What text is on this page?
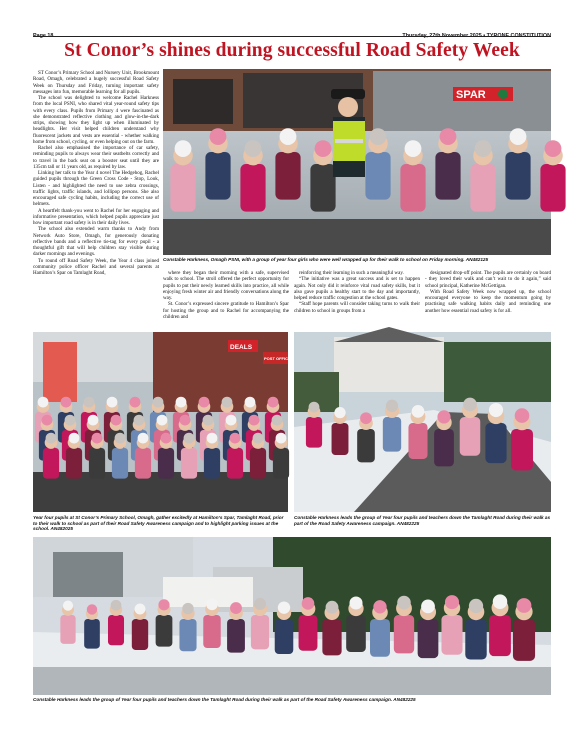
Page 18	Thursday, 27th November 2025 • TYRONE CONSTITUTION
St Conor’s shines during successful Road Safety Week

ST Conor’s Primary School and Nursery Unit, Brookmount Road, Omagh, celebrated a hugely successful Road Safety Week on Thursday and Friday, turning important safety messages into fun, memorable learning for all pupils.

The school was delighted to welcome Rachel Harkness from the local PSNI, who shared vital year-round safety tips with every class. Pupils from Primary 4 were fascinated as she demonstrated reflective clothing and glow-in-the-dark strips, showing how they light up when illuminated by headlights. Her visit helped children understand why fluorescent jackets and vests are essential - whether walking home from school, cycling, or even helping out on the farm.

Rachel also emphasised the importance of car safety, reminding pupils to always wear their seatbelts correctly and to travel in the back seat on a booster seat until they are 135cm tall or 11 years old, as required by law.

Linking her talk to the Year 4 novel The Hedgehog, Rachel guided pupils through the Green Cross Code - Stop, Look, Listen - and highlighted the need to use zebra crossings, traffic lights, traffic islands, and lollipop persons. She also encouraged safe cycling habits, including the correct use of helmets.

A heartfelt thank-you went to Rachel for her engaging and informative presentation, which helped pupils appreciate just how important road safety is in their daily lives.

The school also extended warm thanks to Andy from Network Auto Store, Omagh, for generously donating reflective bands and a reflective tie-tag for every pupil - a thoughtful gift that will help children stay visible during darker mornings and evenings.

To round off Road Safety Week, the Year 4 class joined community police officer Rachel and several parents at Hamilton’s Spar on Tamlaght Road,

SPAR
Constable Harkness, Omagh PSNI, with a group of year four girls who were well wrapped up for their walk to school on Friday morning. AN482125

where they began their morning with a safe, supervised walk to school. The stroll offered the perfect opportunity for pupils to put their newly learned skills into practice, all while enjoying fresh winter air and friendly conversations along the way.

St. Conor’s expressed sincere gratitude to Hamilton’s Spar for hosting the group and to Rachel for accompanying the children and

reinforcing their learning in such a meaningful way.

“The initiative was a great success and is set to happen again. Not only did it reinforce vital road safety skills, but it also gave pupils a healthy start to the day and importantly, helped reduce traffic congestion at the school gates.

“Staff hope parents will consider taking turns to walk their children to school in groups from a

designated drop-off point. The pupils are certainly on board - they loved their walk and can’t wait to do it again,” said school principal, Katherine McGettigan.

With Road Safety Week now wrapped up, the school encouraged everyone to keep the momentum going by practising safe walking habits daily and reminding one another how essential road safety is for all.

DEALS
POST OFFICE
Year four pupils at St Conor’s Primary School, Omagh, gather excitedly at Hamilton’s Spar, Tamlaght Road, prior to their walk to school as part of their Road Safety Awareness campaign and to highlight parking issues at the school. AN482025
Constable Harkness leads the group of Year four pupils and teachers down the Tamlaght Road during their walk as part of the Road Safety Awareness campaign. AN482225
Constable Harkness leads the group of Year four pupils and teachers down the Tamlaght Road during their walk as part of the Road Safety Awareness campaign. AN482225
